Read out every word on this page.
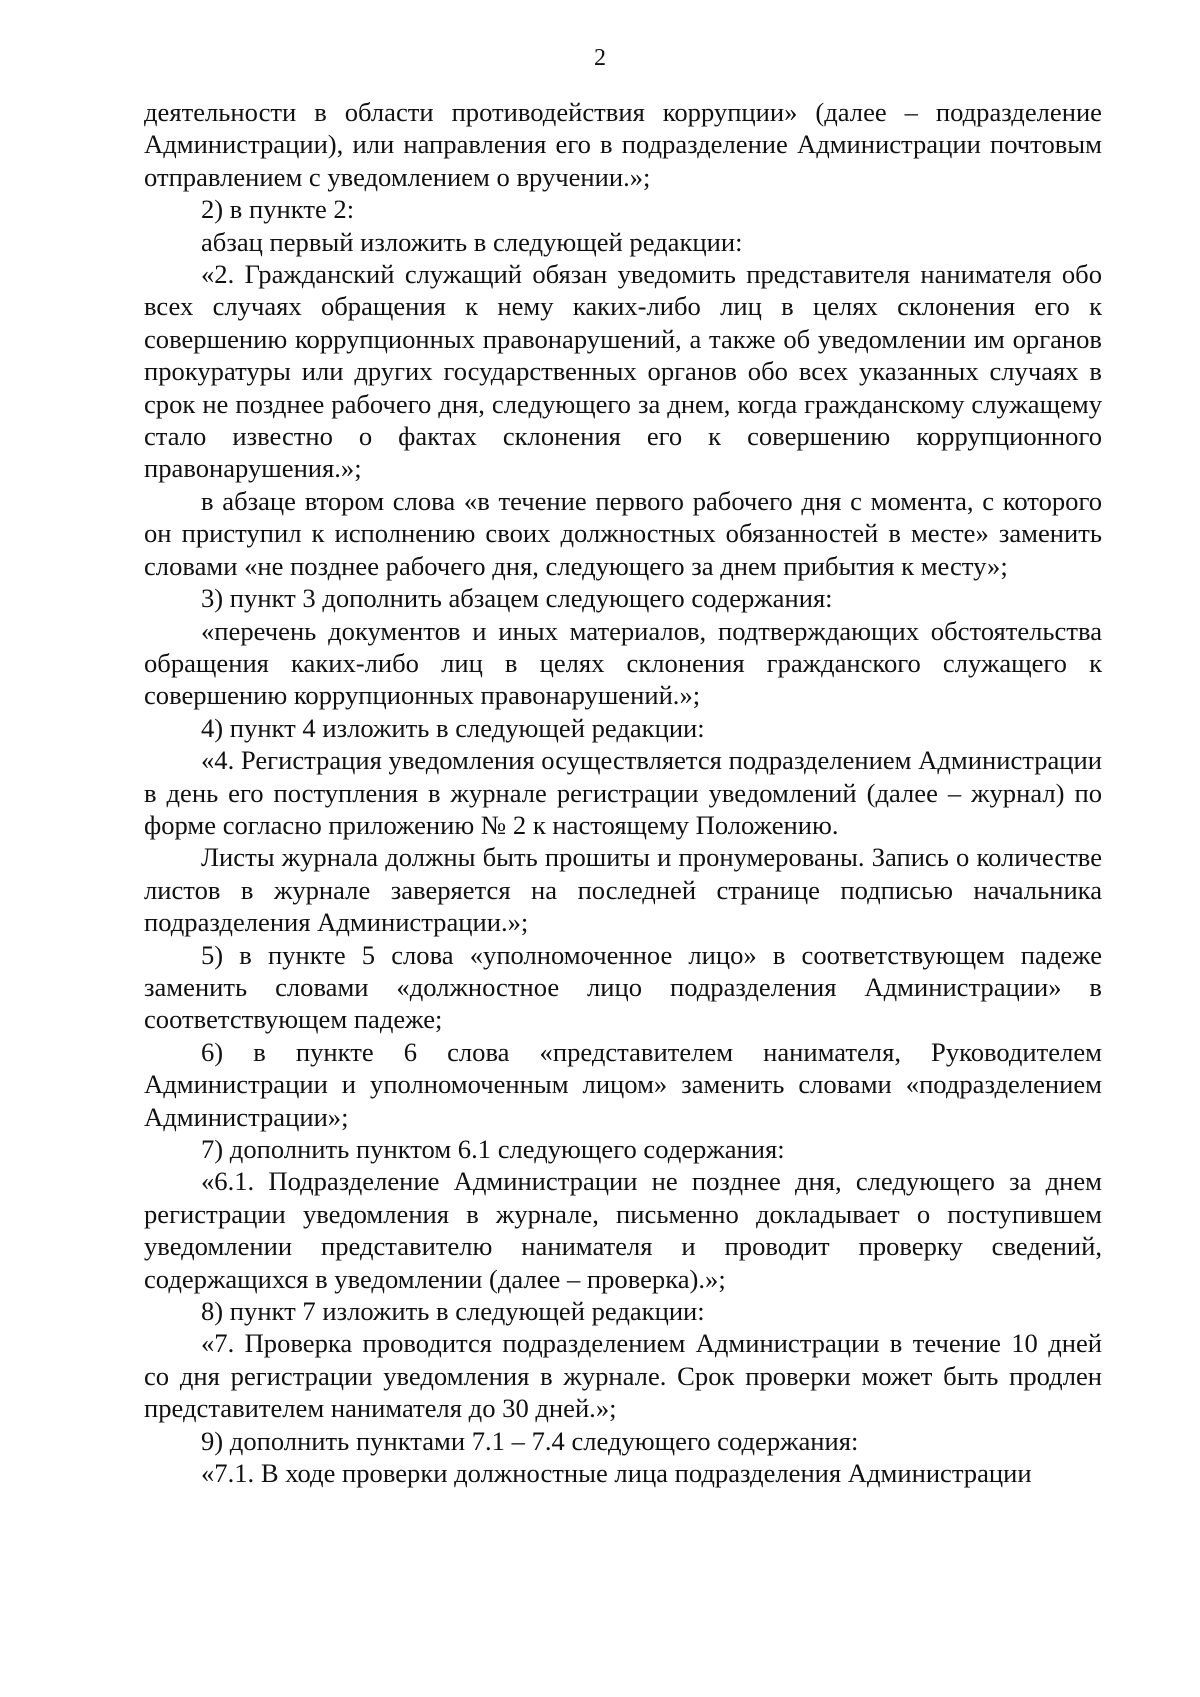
2

деятельности в области противодействия коррупции» (далее – подразделение Администрации), или направления его в подразделение Администрации почтовым отправлением с уведомлением о вручении.»;

2) в пункте 2:

абзац первый изложить в следующей редакции:

«2. Гражданский служащий обязан уведомить представителя нанимателя обо всех случаях обращения к нему каких-либо лиц в целях склонения его к совершению коррупционных правонарушений, а также об уведомлении им органов прокуратуры или других государственных органов обо всех указанных случаях в срок не позднее рабочего дня, следующего за днем, когда гражданскому служащему стало известно о фактах склонения его к совершению коррупционного правонарушения.»;

в абзаце втором слова «в течение первого рабочего дня с момента, с которого он приступил к исполнению своих должностных обязанностей в месте» заменить словами «не позднее рабочего дня, следующего за днем прибытия к месту»;

3) пункт 3 дополнить абзацем следующего содержания:

«перечень документов и иных материалов, подтверждающих обстоятельства обращения каких-либо лиц в целях склонения гражданского служащего к совершению коррупционных правонарушений.»;

4) пункт 4 изложить в следующей редакции:

«4. Регистрация уведомления осуществляется подразделением Администрации в день его поступления в журнале регистрации уведомлений (далее – журнал) по форме согласно приложению № 2 к настоящему Положению.

Листы журнала должны быть прошиты и пронумерованы. Запись о количестве листов в журнале заверяется на последней странице подписью начальника подразделения Администрации.»;

5) в пункте 5 слова «уполномоченное лицо» в соответствующем падеже заменить словами «должностное лицо подразделения Администрации» в соответствующем падеже;

6) в пункте 6 слова «представителем нанимателя, Руководителем Администрации и уполномоченным лицом» заменить словами «подразделением Администрации»;

7) дополнить пунктом 6.1 следующего содержания:

«6.1. Подразделение Администрации не позднее дня, следующего за днем регистрации уведомления в журнале, письменно докладывает о поступившем уведомлении представителю нанимателя и проводит проверку сведений, содержащихся в уведомлении (далее – проверка).»;

8) пункт 7 изложить в следующей редакции:

«7. Проверка проводится подразделением Администрации в течение 10 дней со дня регистрации уведомления в журнале. Срок проверки может быть продлен представителем нанимателя до 30 дней.»;

9) дополнить пунктами 7.1 – 7.4 следующего содержания:

«7.1. В ходе проверки должностные лица подразделения Администрации
